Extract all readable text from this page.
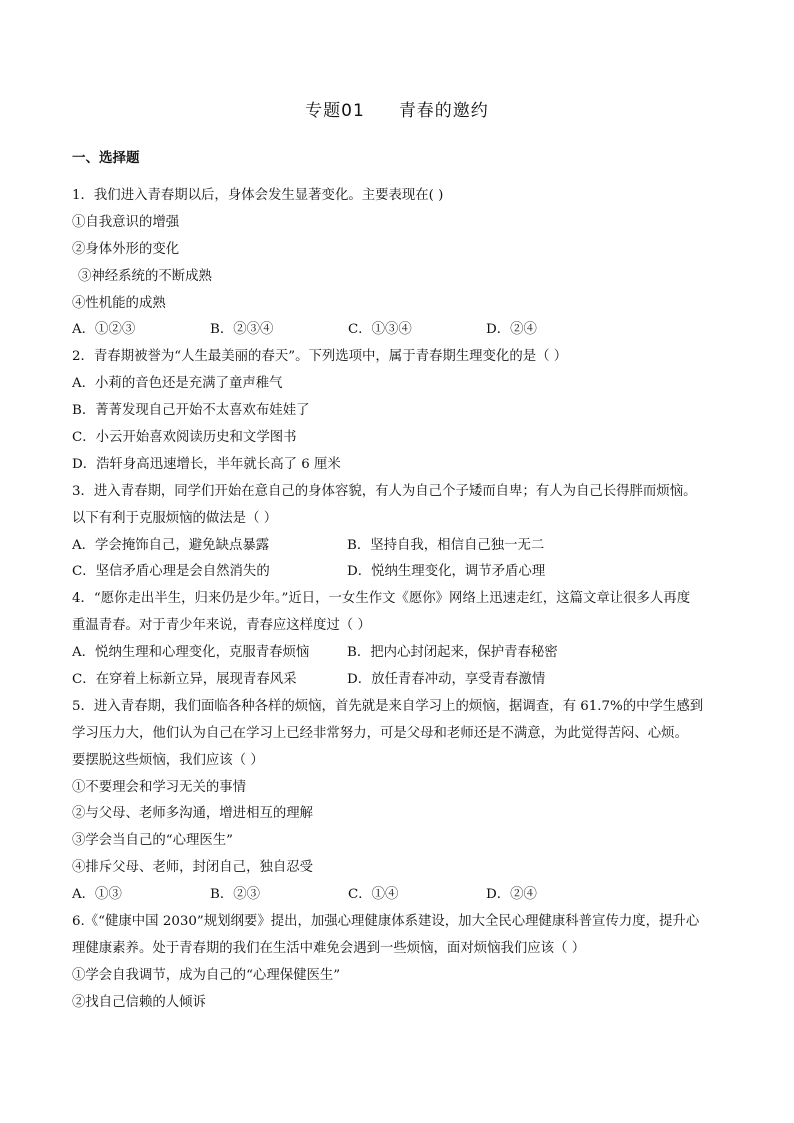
专题01 青春的邀约
一、选择题
1．我们进入青春期以后，身体会发生显著变化。主要表现在( )
①自我意识的增强
②身体外形的变化
③神经系统的不断成熟
④性机能的成熟
A．①②③	B．②③④	C．①③④	D．②④
2．青春期被誉为“人生最美丽的春天”。下列选项中，属于青春期生理变化的是（ ）
A．小莉的音色还是充满了童声稚气
B．菁菁发现自己开始不太喜欢布娃娃了
C．小云开始喜欢阅读历史和文学图书
D．浩轩身高迅速增长，半年就长高了 6 厘米
3．进入青春期，同学们开始在意自己的身体容貌，有人为自己个子矮而自卑；有人为自己长得胖而烦恼。
以下有利于克服烦恼的做法是（ ）
A．学会掩饰自己，避免缺点暴露	B．坚持自我，相信自己独一无二
C．坚信矛盾心理是会自然消失的	D．悦纳生理变化，调节矛盾心理
4．“愿你走出半生，归来仍是少年。”近日，一女生作文《愿你》网络上迅速走红，这篇文章让很多人再度
重温青春。对于青少年来说，青春应这样度过（ ）
A．悦纳生理和心理变化，克服青春烦恼	B．把内心封闭起来，保护青春秘密
C．在穿着上标新立异，展现青春风采	D．放任青春冲动，享受青春激情
5．进入青春期，我们面临各种各样的烦恼，首先就是来自学习上的烦恼，据调查，有 61.7%的中学生感到
学习压力大，他们认为自己在学习上已经非常努力，可是父母和老师还是不满意，为此觉得苦闷、心烦。
要摆脱这些烦恼，我们应该（ ）
①不要理会和学习无关的事情
②与父母、老师多沟通，增进相互的理解
③学会当自己的“心理医生”
④排斥父母、老师，封闭自己，独自忍受
A．①③	B．②③	C．①④	D．②④
6.《“健康中国 2030”规划纲要》提出，加强心理健康体系建设，加大全民心理健康科普宣传力度，提升心
理健康素养。处于青春期的我们在生活中难免会遇到一些烦恼，面对烦恼我们应该（ ）
①学会自我调节，成为自己的“心理保健医生”
②找自己信赖的人倾诉
